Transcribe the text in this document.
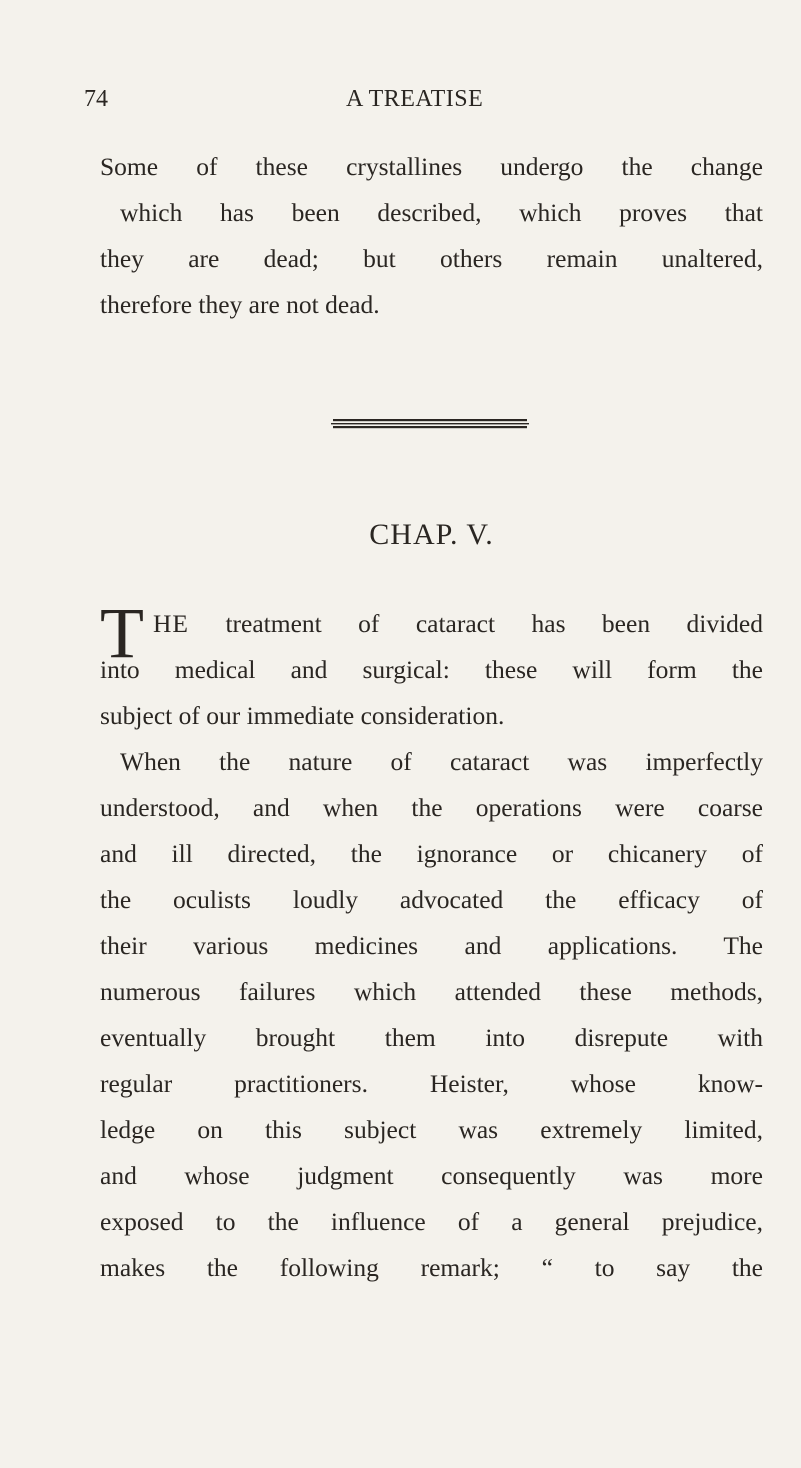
74	A TREATISE
Some of these crystallines undergo the change
which has been described, which proves that
they are dead; but others remain unaltered,
therefore they are not dead.
CHAP. V.
T HE treatment of cataract has been divided
into medical and surgical: these will form the
subject of our immediate consideration.
When the nature of cataract was imperfectly
understood, and when the operations were coarse
and ill directed, the ignorance or chicanery of
the oculists loudly advocated the efficacy of
their various medicines and applications. The
numerous failures which attended these methods,
eventually brought them into disrepute with
regular practitioners. Heister, whose know-
ledge on this subject was extremely limited,
and whose judgment consequently was more
exposed to the influence of a general prejudice,
makes the following remark; “ to say the
